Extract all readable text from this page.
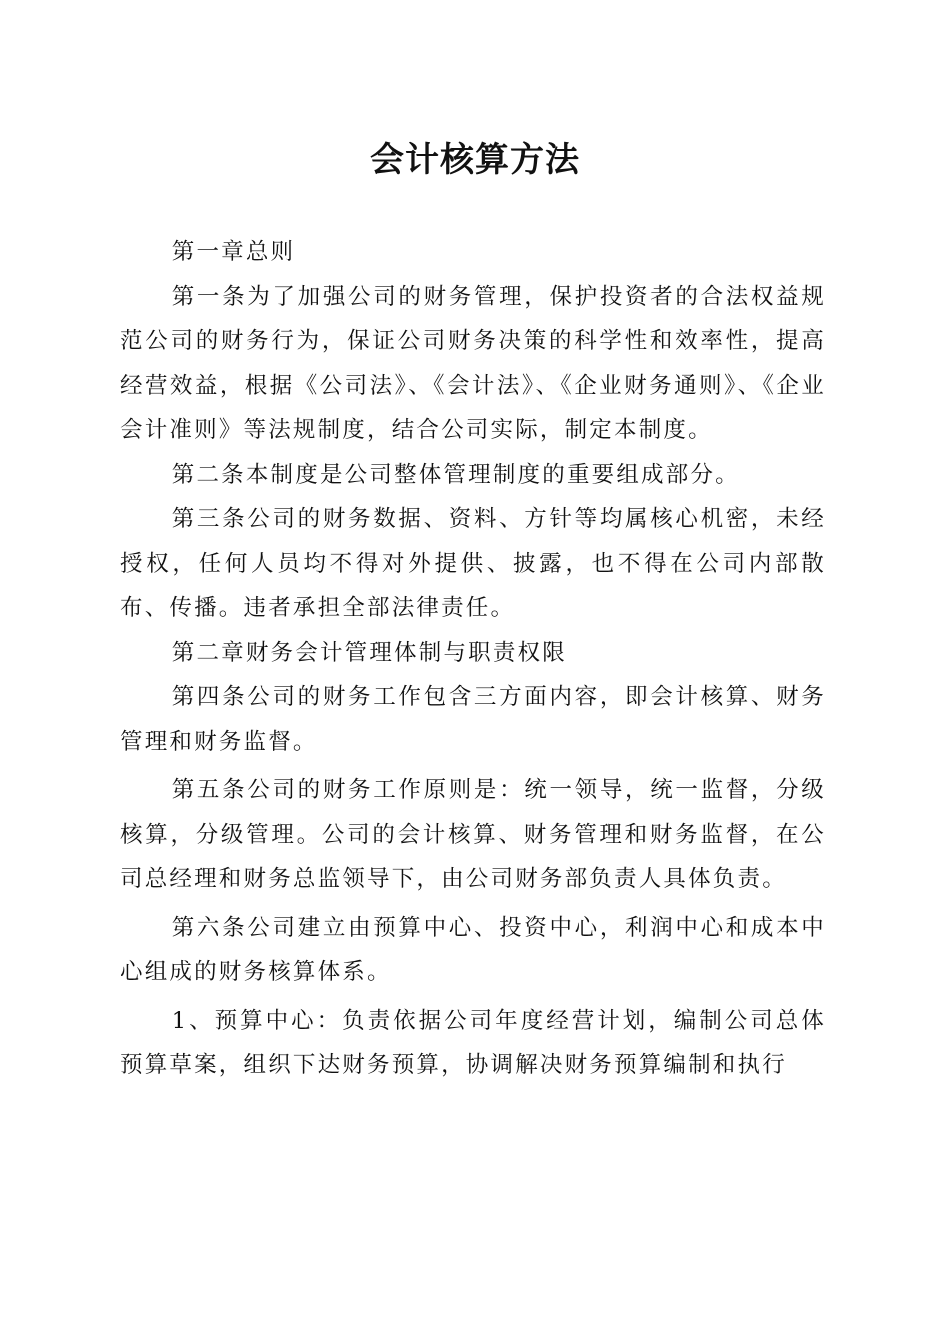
会计核算方法

第一章总则

第一条为了加强公司的财务管理，保护投资者的合法权益规范公司的财务行为，保证公司财务决策的科学性和效率性，提高经营效益，根据《公司法》、《会计法》、《企业财务通则》、《企业会计准则》等法规制度，结合公司实际，制定本制度。

第二条本制度是公司整体管理制度的重要组成部分。

第三条公司的财务数据、资料、方针等均属核心机密，未经授权，任何人员均不得对外提供、披露，也不得在公司内部散布、传播。违者承担全部法律责任。

第二章财务会计管理体制与职责权限

第四条公司的财务工作包含三方面内容，即会计核算、财务管理和财务监督。

第五条公司的财务工作原则是：统一领导，统一监督，分级核算，分级管理。公司的会计核算、财务管理和财务监督，在公司总经理和财务总监领导下，由公司财务部负责人具体负责。

第六条公司建立由预算中心、投资中心，利润中心和成本中心组成的财务核算体系。

1、预算中心：负责依据公司年度经营计划，编制公司总体预算草案，组织下达财务预算，协调解决财务预算编制和执行
